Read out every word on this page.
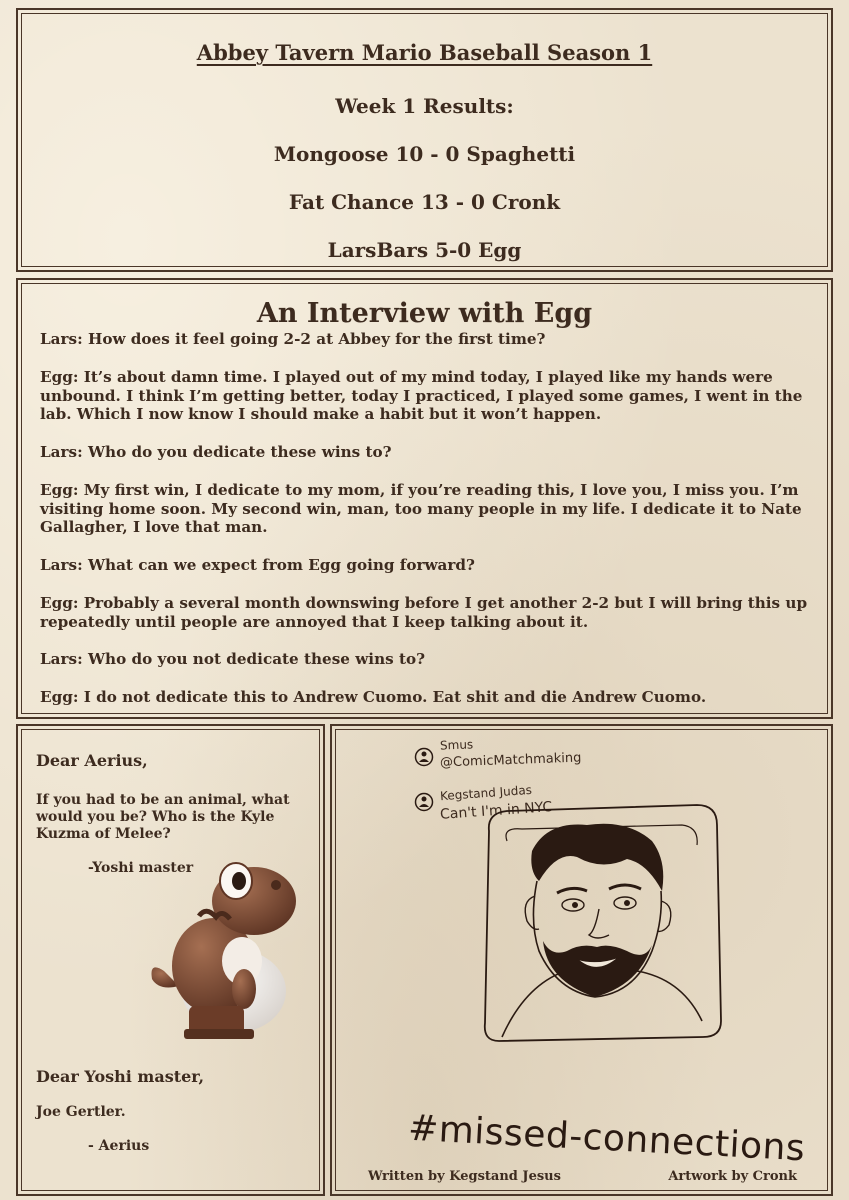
Abbey Tavern Mario Baseball Season 1
Week 1 Results:
Mongoose 10 - 0 Spaghetti
Fat Chance 13 - 0 Cronk
LarsBars 5-0 Egg
An Interview with Egg
Lars: How does it feel going 2-2 at Abbey for the first time?
Egg: It’s about damn time. I played out of my mind today, I played like my hands were unbound. I think I’m getting better, today I practiced, I played some games, I went in the lab. Which I now know I should make a habit but it won’t happen.
Lars: Who do you dedicate these wins to?
Egg: My first win, I dedicate to my mom, if you’re reading this, I love you, I miss you. I’m visiting home soon. My second win, man, too many people in my life. I dedicate it to Nate Gallagher, I love that man.
Lars: What can we expect from Egg going forward?
Egg: Probably a several month downswing before I get another 2-2 but I will bring this up repeatedly until people are annoyed that I keep talking about it.
Lars: Who do you not dedicate these wins to?
Egg: I do not dedicate this to Andrew Cuomo. Eat shit and die Andrew Cuomo.
Dear Aerius,
If you had to be an animal, what would you be? Who is the Kyle Kuzma of Melee?
-Yoshi master
Dear Yoshi master,
Joe Gertler.
- Aerius
Smus
@ComicMatchmaking
Kegstand Judas
Can't I'm in NYC
#missed-connections
Written by Kegstand Jesus	Artwork by Cronk
